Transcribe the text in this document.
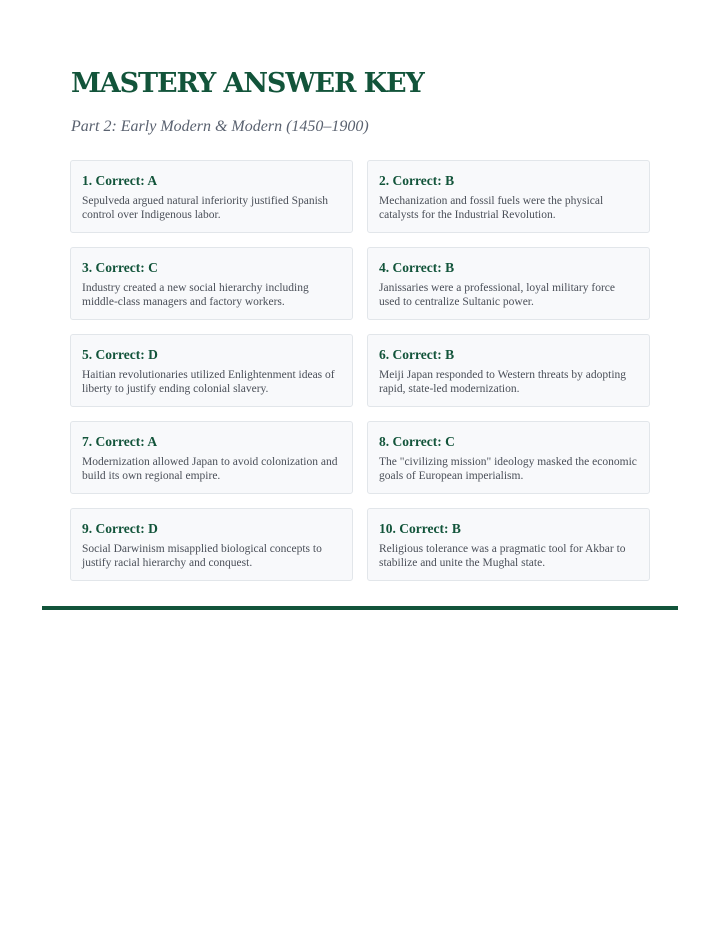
MASTERY ANSWER KEY

Part 2: Early Modern & Modern (1450–1900)

1. Correct: A
Sepulveda argued natural inferiority justified Spanish control over Indigenous labor.
2. Correct: B
Mechanization and fossil fuels were the physical catalysts for the Industrial Revolution.
3. Correct: C
Industry created a new social hierarchy including middle-class managers and factory workers.
4. Correct: B
Janissaries were a professional, loyal military force used to centralize Sultanic power.
5. Correct: D
Haitian revolutionaries utilized Enlightenment ideas of liberty to justify ending colonial slavery.
6. Correct: B
Meiji Japan responded to Western threats by adopting rapid, state-led modernization.
7. Correct: A
Modernization allowed Japan to avoid colonization and build its own regional empire.
8. Correct: C
The "civilizing mission" ideology masked the economic goals of European imperialism.
9. Correct: D
Social Darwinism misapplied biological concepts to justify racial hierarchy and conquest.
10. Correct: B
Religious tolerance was a pragmatic tool for Akbar to stabilize and unite the Mughal state.
